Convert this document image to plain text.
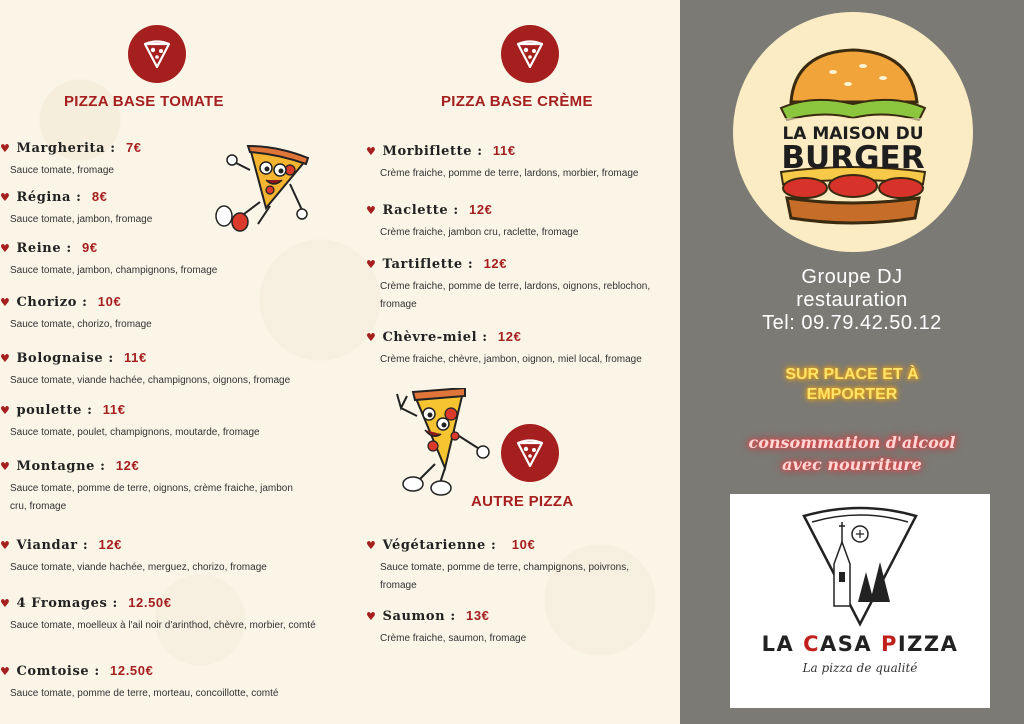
PIZZA BASE TOMATE	PIZZA BASE CRÈME
AUTRE PIZZA
♥ Margherita : 7€
Sauce tomate, fromage
♥ Régina : 8€
Sauce tomate, jambon, fromage
♥ Reine : 9€
Sauce tomate, jambon, champignons, fromage
♥ Chorizo : 10€
Sauce tomate, chorizo, fromage
♥ Bolognaise : 11€
Sauce tomate, viande hachée, champignons, oignons, fromage
♥ poulette : 11€
Sauce tomate, poulet, champignons, moutarde, fromage
♥ Montagne : 12€
Sauce tomate, pomme de terre, oignons, crème fraiche, jambon cru, fromage
♥ Viandar : 12€
Sauce tomate, viande hachée, merguez, chorizo, fromage
♥ 4 Fromages : 12.50€
Sauce tomate, moelleux à l'ail noir d'arinthod, chèvre, morbier, comté
♥ Comtoise : 12.50€
Sauce tomate, pomme de terre, morteau, concoillotte, comté
♥ Morbiflette : 11€
Crème fraiche, pomme de terre, lardons, morbier, fromage
♥ Raclette : 12€
Crème fraiche, jambon cru, raclette, fromage
♥ Tartiflette : 12€
Crème fraiche, pomme de terre, lardons, oignons, reblochon, fromage
♥ Chèvre-miel : 12€
Crème fraiche, chèvre, jambon, oignon, miel local, fromage
♥ Végétarienne : 10€
Sauce tomate, pomme de terre, champignons, poivrons, fromage
♥ Saumon : 13€
Crème fraiche, saumon, fromage
LA MAISON DU
BURGER
Groupe DJ
restauration
Tel: 09.79.42.50.12
SUR PLACE ET À
EMPORTER
consommation d'alcool
avec nourriture
LA CASA PIZZA
La pizza de qualité
